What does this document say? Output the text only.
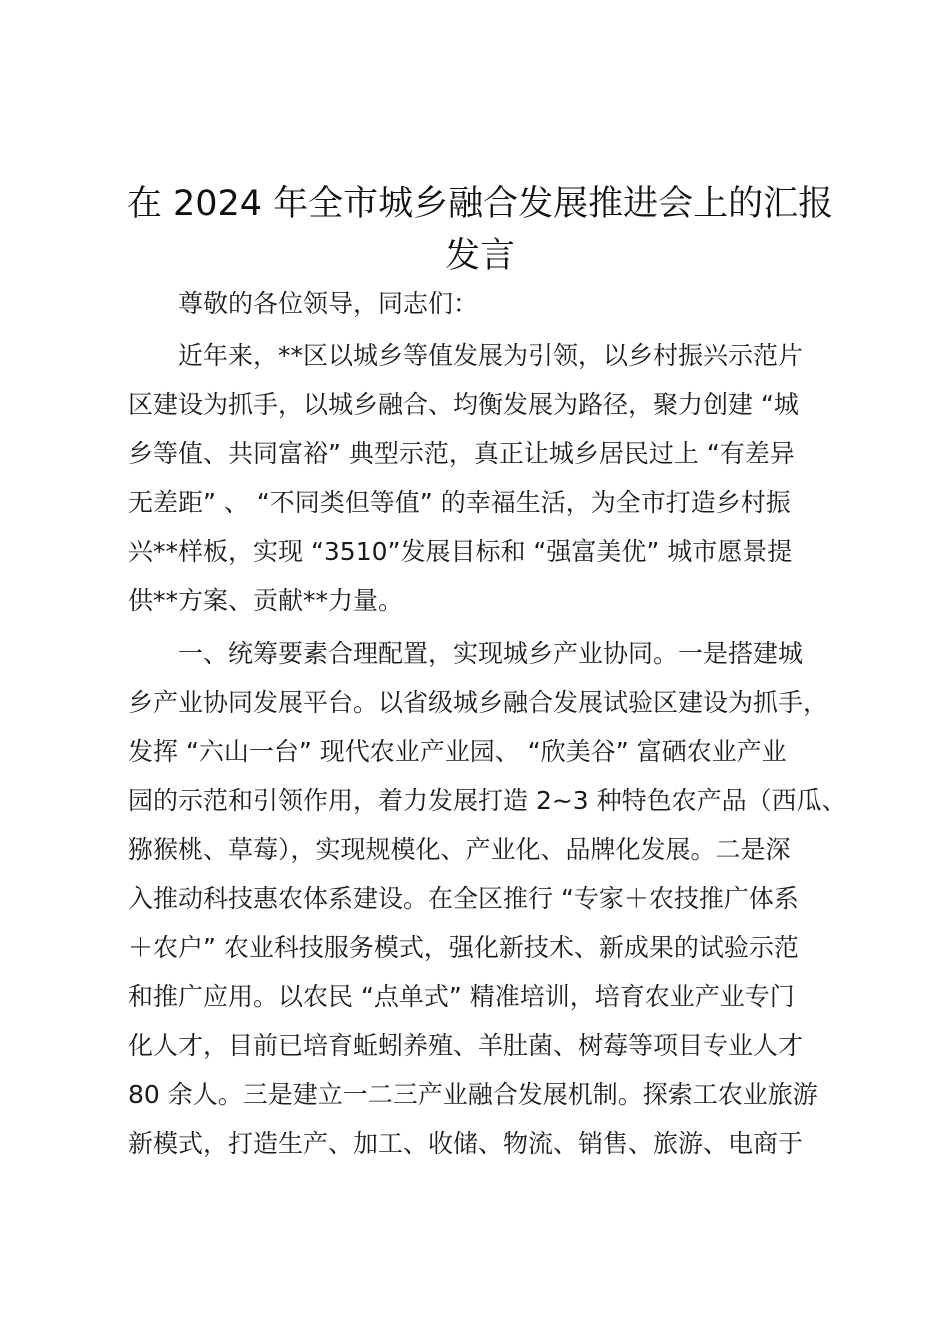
在 2024 年全市城乡融合发展推进会上的汇报
发言
尊敬的各位领导，同志们：
近年来，**区以城乡等值发展为引领，以乡村振兴示范片
区建设为抓手，以城乡融合、均衡发展为路径，聚力创建 “城
乡等值、共同富裕” 典型示范，真正让城乡居民过上 “有差异
无差距” 、 “不同类但等值” 的幸福生活，为全市打造乡村振
兴**样板，实现 “3510”发展目标和 “强富美优” 城市愿景提
供**方案、贡献**力量。
一、统筹要素合理配置，实现城乡产业协同。一是搭建城
乡产业协同发展平台。以省级城乡融合发展试验区建设为抓手，
发挥 “六山一台” 现代农业产业园、 “欣美谷” 富硒农业产业
园的示范和引领作用，着力发展打造 2~3 种特色农产品（西瓜、
猕猴桃、草莓），实现规模化、产业化、品牌化发展。二是深
入推动科技惠农体系建设。在全区推行 “专家＋农技推广体系
＋农户” 农业科技服务模式，强化新技术、新成果的试验示范
和推广应用。以农民 “点单式” 精准培训，培育农业产业专门
化人才，目前已培育蚯蚓养殖、羊肚菌、树莓等项目专业人才
80 余人。三是建立一二三产业融合发展机制。探索工农业旅游
新模式，打造生产、加工、收储、物流、销售、旅游、电商于
